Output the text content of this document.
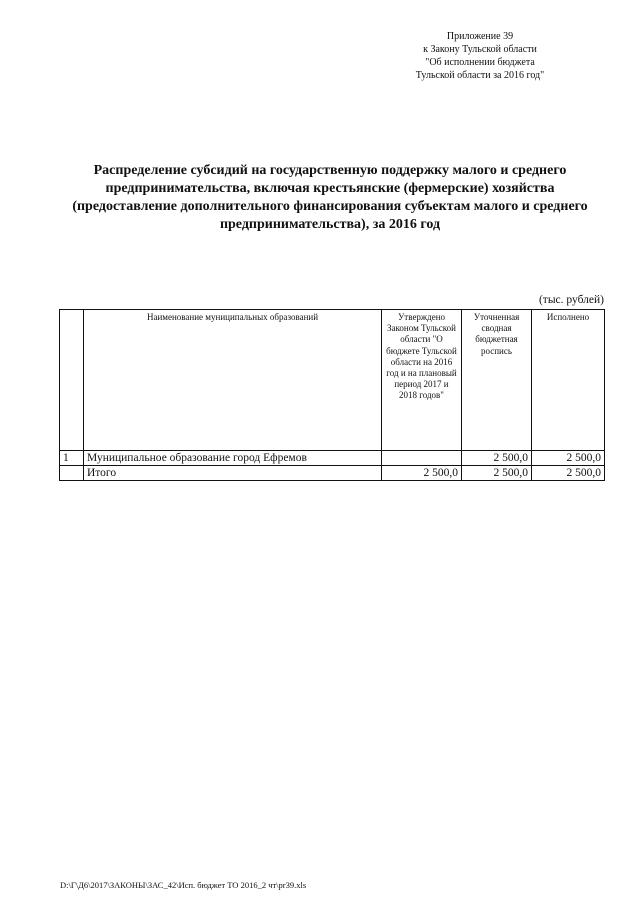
Приложение 39
к Закону Тульской области
"Об исполнении бюджета
Тульской области за 2016 год"
Распределение субсидий на государственную поддержку малого и среднего
предпринимательства, включая крестьянские (фермерские) хозяйства
(предоставление дополнительного финансирования субъектам малого и среднего
предпринимательства), за 2016 год
(тыс. рублей)
	Наименование муниципальных образований	Утверждено Законом Тульской области "О бюджете Тульской области на 2016 год и на плановый период 2017 и 2018 годов"	Уточненная сводная бюджетная роспись	Исполнено
1	Муниципальное образование город Ефремов		2 500,0	2 500,0
	Итого	2 500,0	2 500,0	2 500,0
D:\Г\Д6\2017\ЗАКОНЫ\ЗАС_42\Исп. бюджет ТО 2016_2 чт\pr39.xls
